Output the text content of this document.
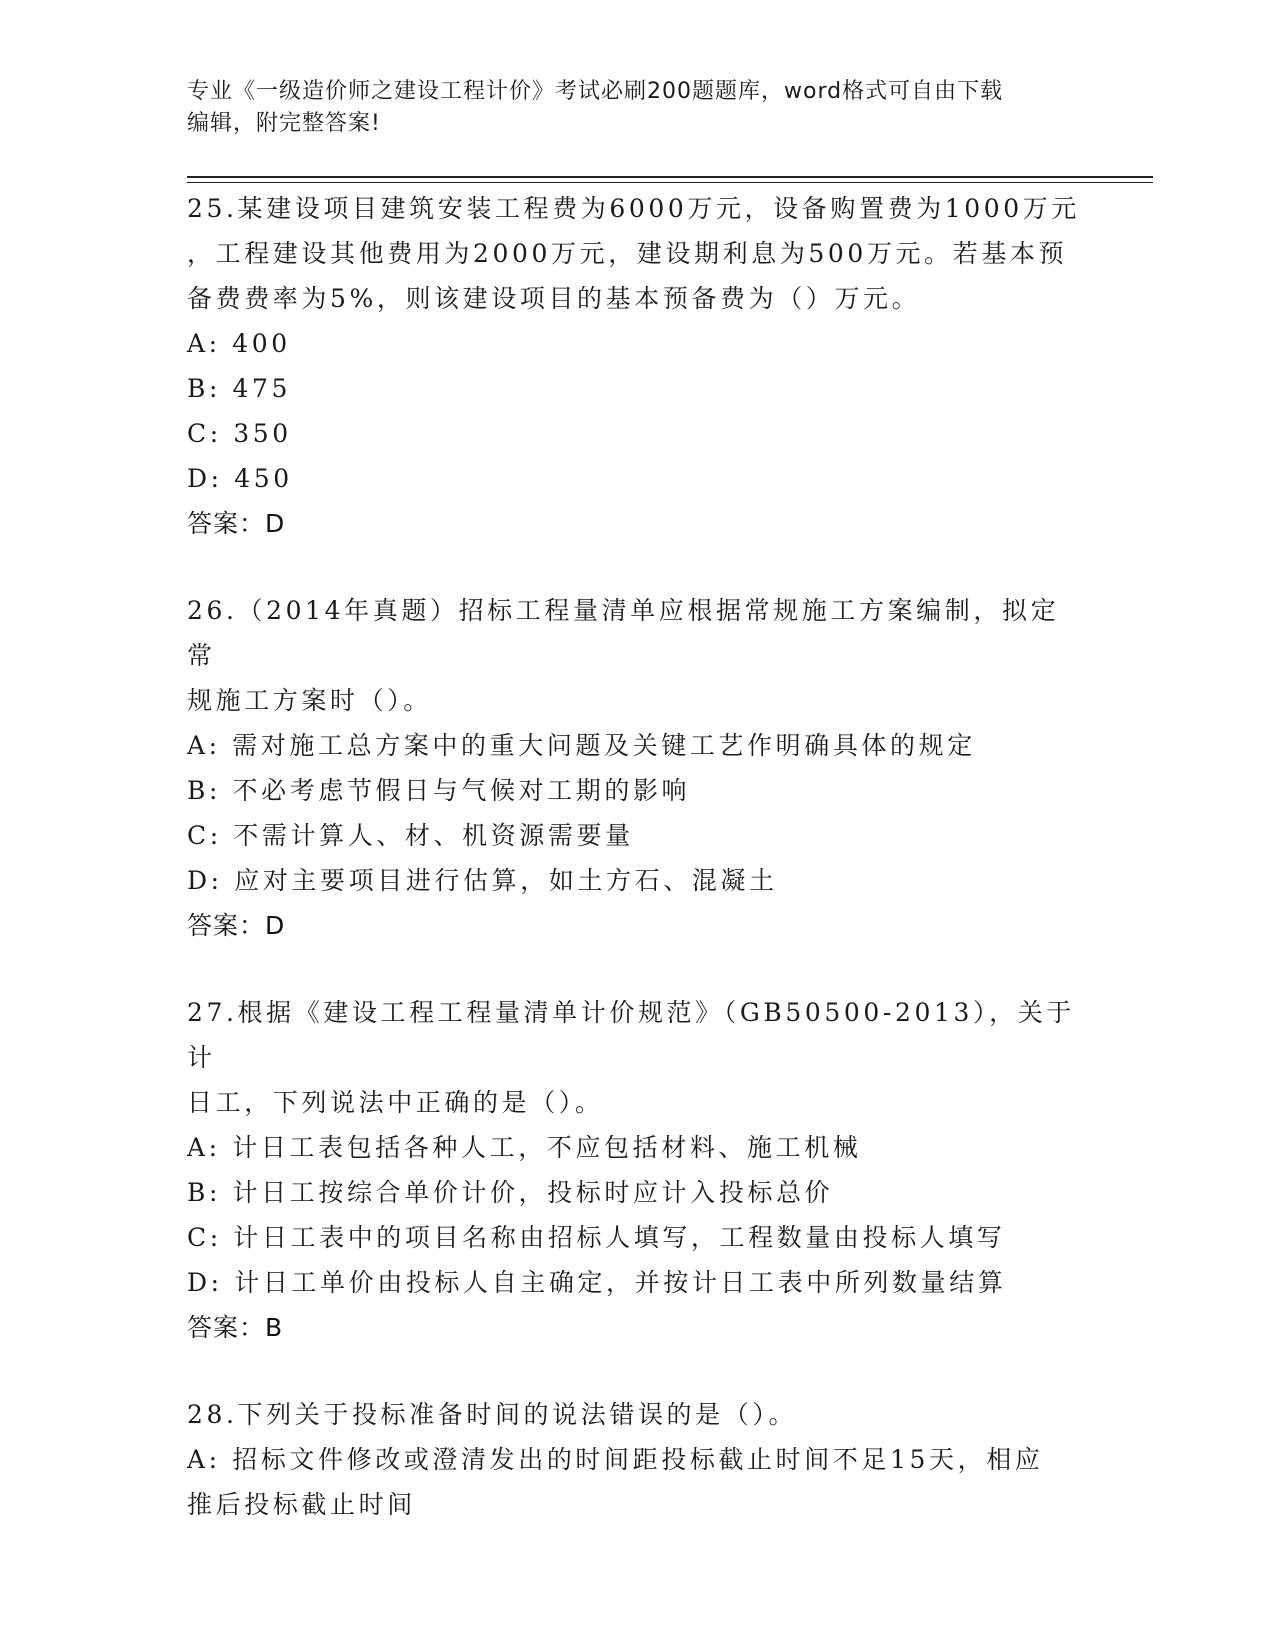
专业《一级造价师之建设工程计价》考试必刷200题题库，word格式可自由下载
编辑，附完整答案!

25.某建设项目建筑安装工程费为6000万元，设备购置费为1000万元

，工程建设其他费用为2000万元，建设期利息为500万元。若基本预

备费费率为5%，则该建设项目的基本预备费为（）万元。

A: 400

B: 475

C: 350

D: 450

答案：D

26.（2014年真题）招标工程量清单应根据常规施工方案编制，拟定常

规施工方案时（）。

A: 需对施工总方案中的重大问题及关键工艺作明确具体的规定

B: 不必考虑节假日与气候对工期的影响

C: 不需计算人、材、机资源需要量

D: 应对主要项目进行估算，如土方石、混凝土

答案：D

27.根据《建设工程工程量清单计价规范》（GB50500-2013），关于计

日工，下列说法中正确的是（）。

A: 计日工表包括各种人工，不应包括材料、施工机械

B: 计日工按综合单价计价，投标时应计入投标总价

C: 计日工表中的项目名称由招标人填写，工程数量由投标人填写

D: 计日工单价由投标人自主确定，并按计日工表中所列数量结算

答案：B

28.下列关于投标准备时间的说法错误的是（）。

A: 招标文件修改或澄清发出的时间距投标截止时间不足15天，相应

推后投标截止时间
